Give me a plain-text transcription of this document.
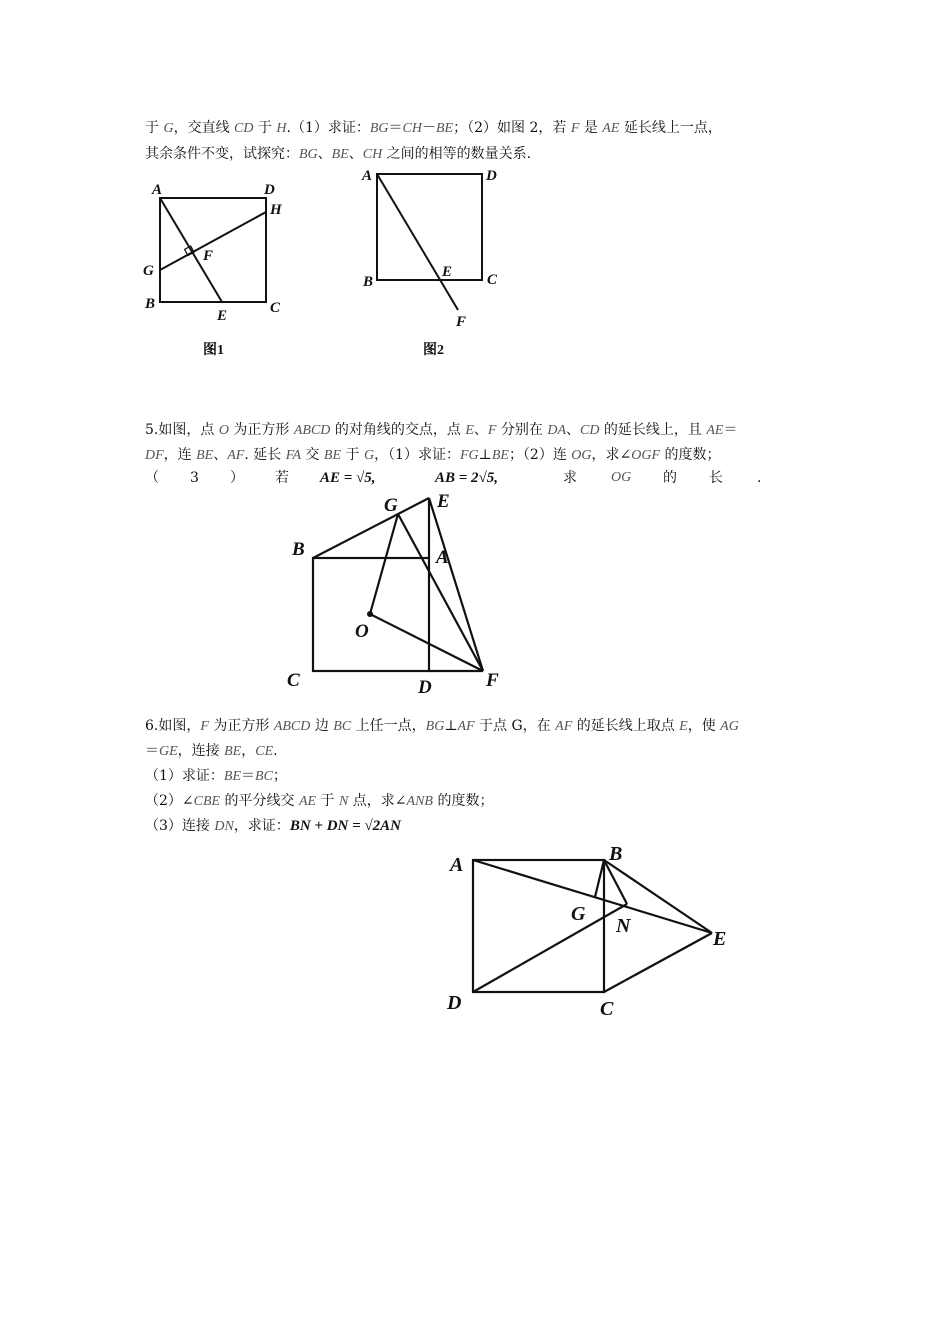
于 G，交直线 CD 于 H.（1）求证：BG＝CH－BE；（2）如图 2，若 F 是 AE 延长线上一点，
其余条件不变，试探究：BG、BE、CH 之间的相等的数量关系.
A	D
H
F
G
B
E	C
图1
A	D
B
E C
F
图2
5.如图，点 O 为正方形 ABCD 的对角线的交点，点 E、F 分别在 DA、CD 的延长线上，且 AE＝
DF，连 BE、AF. 延长 FA 交 BE 于 G，（1）求证：FG⊥BE；（2）连 OG，求∠OGF 的度数；
（ 3 ） 若 AE = √5,	AB = 2√5,	求 OG 的 长 .
G E
B	A
O
C	D	F
6.如图，F 为正方形 ABCD 边 BC 上任一点，BG⊥AF 于点 G，在 AF 的延长线上取点 E，使 AG
＝GE，连接 BE，CE.
（1）求证：BE＝BC；
（2）∠CBE 的平分线交 AE 于 N 点，求∠ANB 的度数；
（3）连接 DN，求证：BN + DN = √2AN
A	B
G
N
E
D	C
